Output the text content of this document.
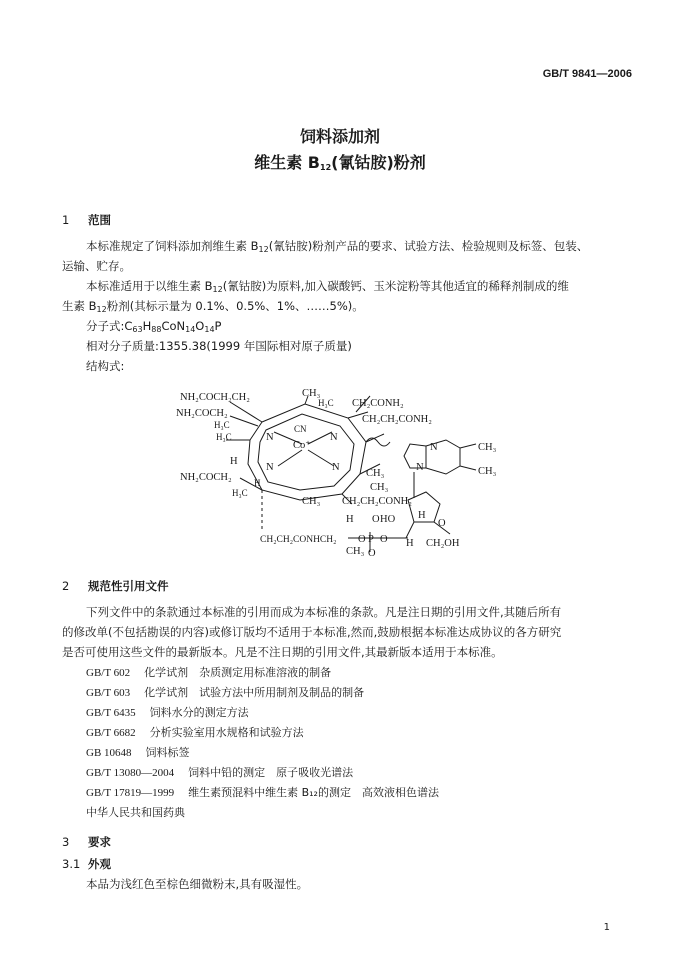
GB/T 9841—2006
饲料添加剂
维生素 $B_{12}$(氰钴胺)粉剂
1 范围
本标准规定了饲料添加剂维生素 $B_{12}$(氰钴胺)粉剂产品的要求、试验方法、检验规则及标签、包装、
运输、贮存。
本标准适用于以维生素 $B_{12}$(氰钴胺)为原料,加入碳酸钙、玉米淀粉等其他适宜的稀释剂制成的维
生素 $B_{12}$粉剂(其标示量为 0.1%、0.5%、1%、……5%)。
分子式$:C_{63}H_{88}CoN_{14}O_{14}P$
相对分子质量:1355.38(1999 年国际相对原子质量)
结构式:
NH₂COCH₂CH₂
NH₂COCH₂
CH₃
H₃C CH₂CONH₂
CH₂CH₂CONH₂
H₃C
H₃C	N
CN
Co⁺
N
H
N	N
NH₂COCH₂	CH₃
CH₃
H
H₃C
CH₃ CH₂CH₂CONH₂
N
N
CH₃
CH₃
H O HO H
O
CH₂CH₂CONHCH₂ O P O H CH₂OH
CH₃ O
2 规范性引用文件
下列文件中的条款通过本标准的引用而成为本标准的条款。凡是注日期的引用文件,其随后所有
的修改单(不包括勘误的内容)或修订版均不适用于本标准,然而,鼓励根据本标准达成协议的各方研究
是否可使用这些文件的最新版本。凡是不注日期的引用文件,其最新版本适用于本标准。
GB/T 602 化学试剂　杂质测定用标准溶液的制备
GB/T 603 化学试剂　试验方法中所用制剂及制品的制备
GB/T 6435 饲料水分的测定方法
GB/T 6682 分析实验室用水规格和试验方法
GB 10648 饲料标签
GB/T 13080—2004 饲料中铅的测定　原子吸收光谱法
GB/T 17819—1999 维生素预混料中维生素 B₁₂的测定　高效液相色谱法
中华人民共和国药典
3 要求
3.1 外观
本品为浅红色至棕色细微粉末,具有吸湿性。
1
